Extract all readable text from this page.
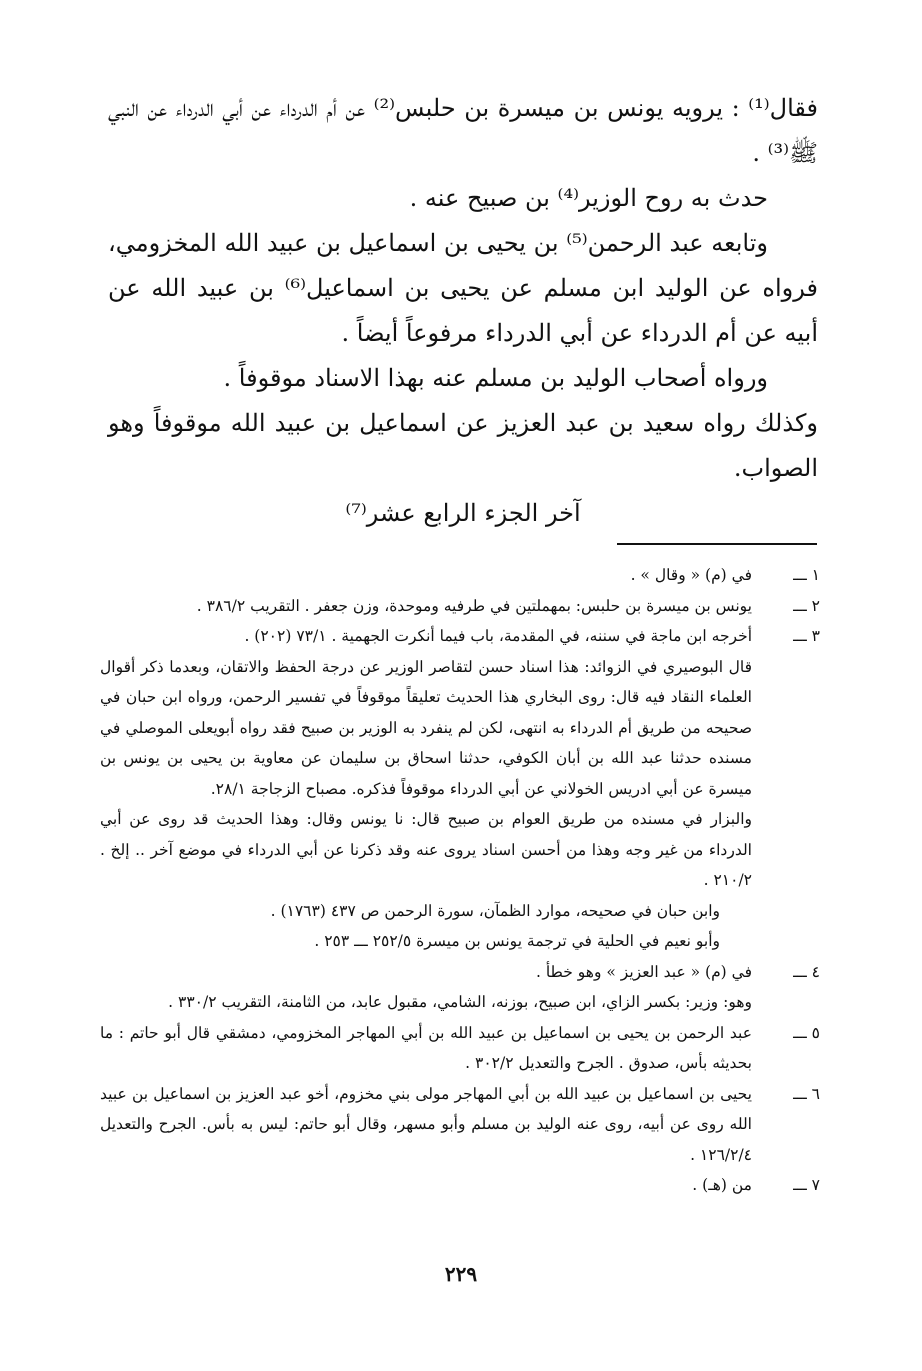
فقال⁽¹⁾ : يرويه يونس بن ميسرة بن حلبس⁽²⁾ عن أم الدرداء عن أبي الدرداء عن النبي ﷺ⁽³⁾ .

حدث به روح الوزير⁽⁴⁾ بن صبيح عنه .

وتابعه عبد الرحمن⁽⁵⁾ بن يحيى بن اسماعيل بن عبيد الله المخزومي، فرواه عن الوليد ابن مسلم عن يحيى بن اسماعيل⁽⁶⁾ بن عبيد الله عن أبيه عن أم الدرداء عن أبي الدرداء مرفوعاً أيضاً .

ورواه أصحاب الوليد بن مسلم عنه بهذا الاسناد موقوفاً .

وكذلك رواه سعيد بن عبد العزيز عن اسماعيل بن عبيد الله موقوفاً وهو الصواب.

آخر الجزء الرابع عشر⁽⁷⁾

١ ـــ
في (م) « وقال » .
٢ ـــ
يونس بن ميسرة بن حلبس: بمهملتين في طرفيه وموحدة، وزن جعفر . التقريب ٣٨٦/٢ .
٣ ـــ
أخرجه ابن ماجة في سننه، في المقدمة، باب فيما أنكرت الجهمية . ٧٣/١ (٢٠٢) .
قال البوصيري في الزوائد: هذا اسناد حسن لتقاصر الوزير عن درجة الحفظ والاتقان، وبعدما ذكر أقوال العلماء النقاد فيه قال: روى البخاري هذا الحديث تعليقاً موقوفاً في تفسير الرحمن، ورواه ابن حبان في صحيحه من طريق أم الدرداء به انتهى، لكن لم ينفرد به الوزير بن صبيح فقد رواه أبويعلى الموصلي في مسنده حدثنا عبد الله بن أبان الكوفي، حدثنا اسحاق بن سليمان عن معاوية بن يحيى بن يونس بن ميسرة عن أبي ادريس الخولاني عن أبي الدرداء موقوفاً فذكره. مصباح الزجاجة ٢٨/١.
والبزار في مسنده من طريق العوام بن صبيح قال: نا يونس وقال: وهذا الحديث قد روى عن أبي الدرداء من غير وجه وهذا من أحسن اسناد يروى عنه وقد ذكرنا عن أبي الدرداء في موضع آخر .. إلخ . ٢١٠/٢ .
وابن حبان في صحيحه، موارد الظمآن، سورة الرحمن ص ٤٣٧ (١٧٦٣) .
وأبو نعيم في الحلية في ترجمة يونس بن ميسرة ٢٥٢/٥ ـــ ٢٥٣ .
٤ ـــ
في (م) « عبد العزيز » وهو خطأ .
وهو: وزير: بكسر الزاي، ابن صبيح، بوزنه، الشامي، مقبول عابد، من الثامنة، التقريب ٣٣٠/٢ .
٥ ـــ
عبد الرحمن بن يحيى بن اسماعيل بن عبيد الله بن أبي المهاجر المخزومي، دمشقي قال أبو حاتم : ما بحديثه بأس، صدوق . الجرح والتعديل ٣٠٢/٢ .
٦ ـــ
يحيى بن اسماعيل بن عبيد الله بن أبي المهاجر مولى بني مخزوم، أخو عبد العزيز بن اسماعيل بن عبيد الله روى عن أبيه، روى عنه الوليد بن مسلم وأبو مسهر، وقال أبو حاتم: ليس به بأس. الجرح والتعديل ١٢٦/٢/٤ .
٧ ـــ
من (هـ) .
٢٢٩
